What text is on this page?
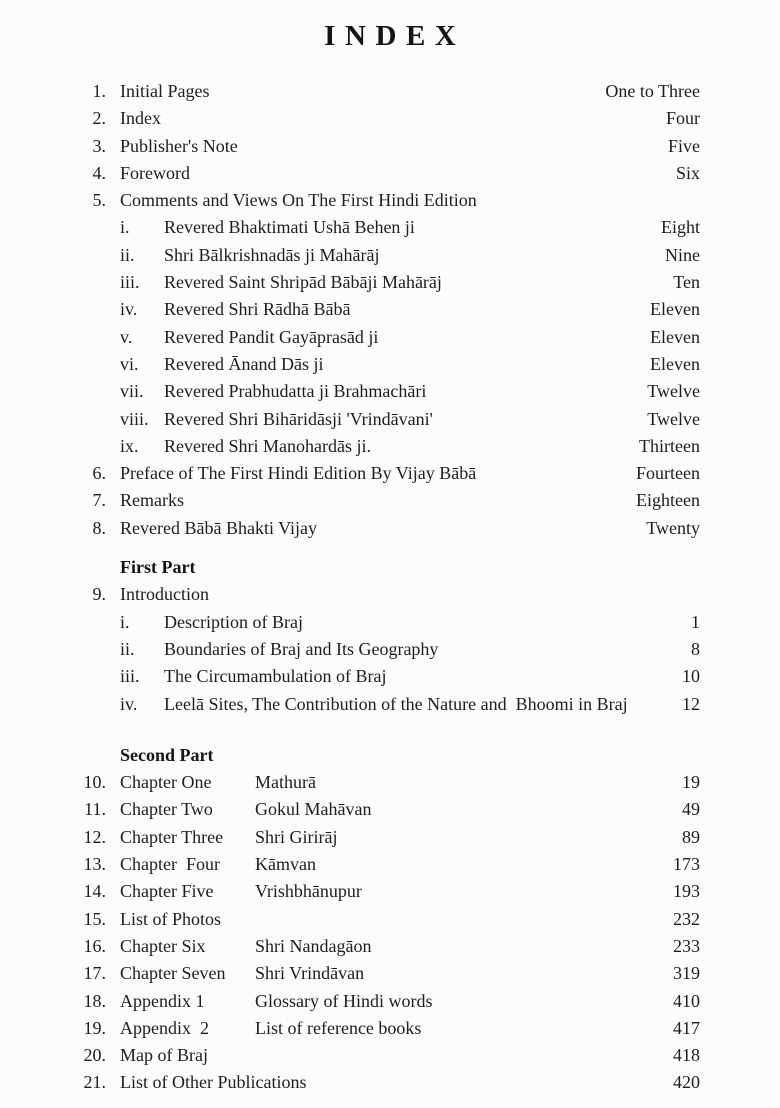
INDEX
1. Initial Pages	One to Three
2. Index	Four
3. Publisher's Note	Five
4. Foreword	Six
5. Comments and Views On The First Hindi Edition
i.	Revered Bhaktimati Ushā Behen ji	Eight
ii.	Shri Bālkrishnadās ji Mahārāj	Nine
iii.	Revered Saint Shripād Bābāji Mahārāj	Ten
iv.	Revered Shri Rādhā Bābā	Eleven
v.	Revered Pandit Gayāprasād ji	Eleven
vi.	Revered Ānand Dās ji	Eleven
vii.	Revered Prabhudatta ji Brahmachāri	Twelve
viii. Revered Shri Bihāridāsji 'Vrindāvani'	Twelve
ix.	Revered Shri Manohardās ji.	Thirteen
6. Preface of The First Hindi Edition By Vijay Bābā	Fourteen
7. Remarks	Eighteen
8. Revered Bābā Bhakti Vijay	Twenty
First Part
9. Introduction
i.	Description of Braj	1
ii.	Boundaries of Braj and Its Geography	8
iii.	The Circumambulation of Braj	10
iv.	Leelā Sites, The Contribution of the Nature and  Bhoomi in Braj	12
Second Part
10. Chapter One	Mathurā	19
11. Chapter Two	Gokul Mahāvan	49
12. Chapter Three	Shri Girirāj	89
13. Chapter  Four	Kāmvan	173
14. Chapter Five	Vrishbhānupur	193
15. List of Photos	232
16. Chapter Six	Shri Nandagāon	233
17. Chapter Seven	Shri Vrindāvan	319
18. Appendix 1	Glossary of Hindi words	410
19. Appendix  2	List of reference books	417
20. Map of Braj	418
21. List of Other Publications	420
